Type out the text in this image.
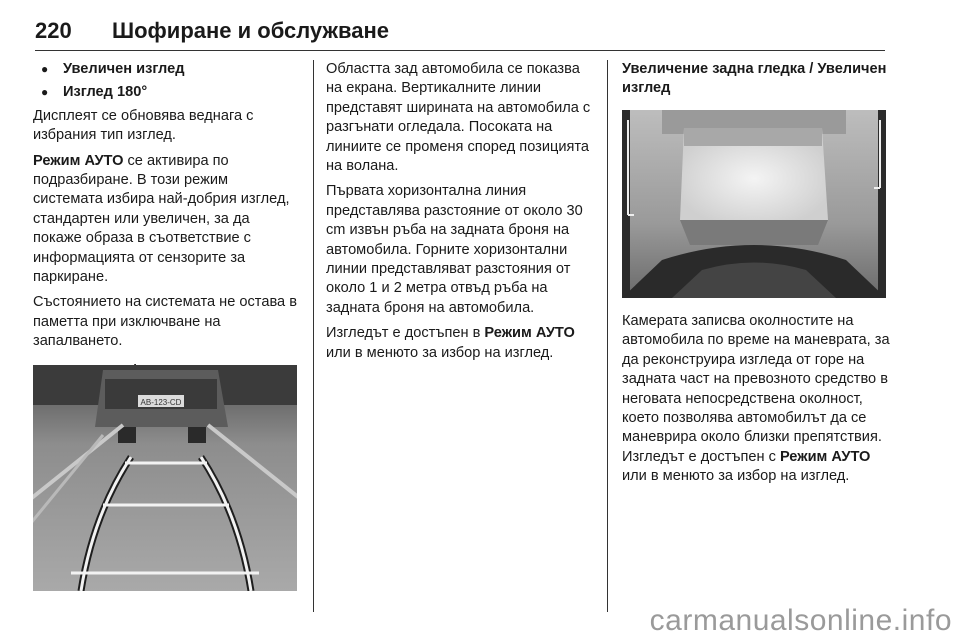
220 Шофиране и обслужване
● Увеличен изглед
● Изглед 180°

Дисплеят се обновява веднага с избрания тип изглед.

Режим АУТО се активира по подразбиране. В този режим системата избира най-добрия изглед, стандартен или увеличен, за да покаже образа в съответствие с информацията от сензорите за паркиране.

Състоянието на системата не остава в паметта при изключване на запалването.

AB-123-CD

Областта зад автомобила се показва на екрана. Вертикалните линии представят ширината на автомобила с разгънати огледала. Посоката на линиите се променя според позицията на волана.

Първата хоризонтална линия представлява разстояние от около 30 cm извън ръба на задната броня на автомобила. Горните хоризонтални линии представляват разстояния от около 1 и 2 метра отвъд ръба на задната броня на автомобила.

Изгледът е достъпен в Режим АУТО или в менюто за избор на изглед.

Увеличение задна гледка / Увеличен изглед

Камерата записва околностите на автомобила по време на маневрата, за да реконструира изгледа от горе на задната част на превозното средство в неговата непосредствена околност, което позволява автомобилът да се маневрира около близки препятствия. Изгледът е достъпен с Режим АУТО или в менюто за избор на изглед.

carmanualsonline.info
